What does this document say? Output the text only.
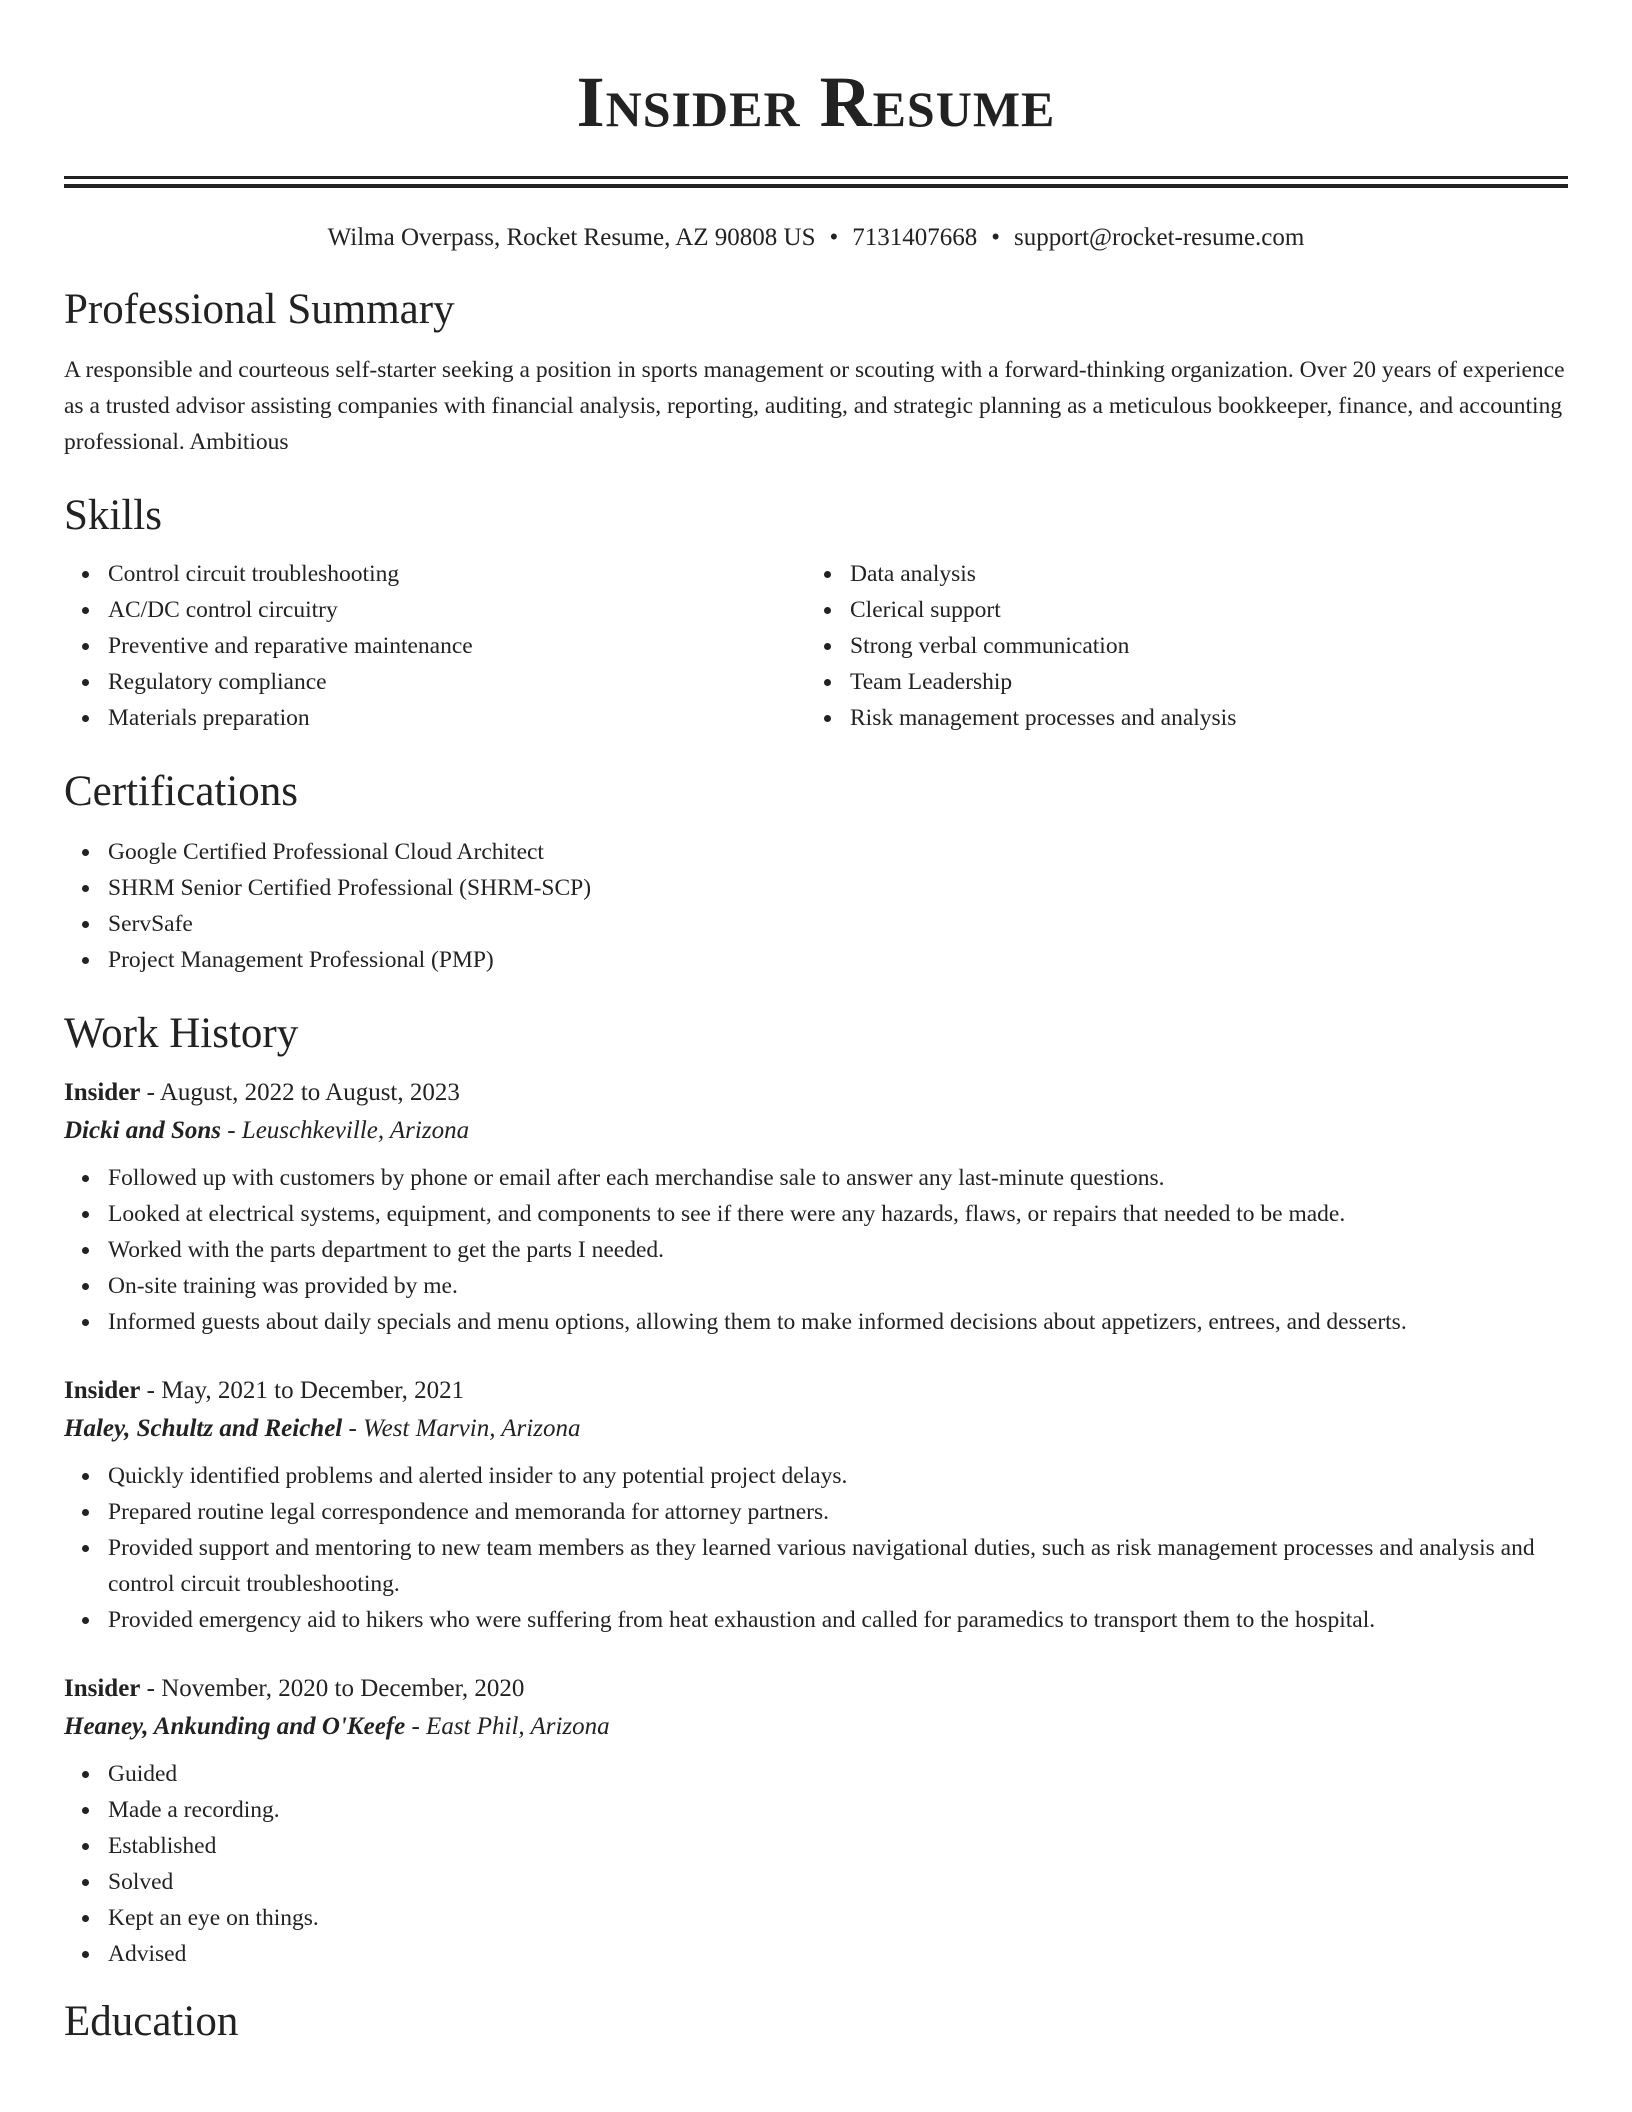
Insider Resume
Wilma Overpass, Rocket Resume, AZ 90808 US • 7131407668 • support@rocket-resume.com
Professional Summary

A responsible and courteous self-starter seeking a position in sports management or scouting with a forward-thinking organization. Over 20 years of experience as a trusted advisor assisting companies with financial analysis, reporting, auditing, and strategic planning as a meticulous bookkeeper, finance, and accounting professional. Ambitious

Skills
Control circuit troubleshooting
AC/DC control circuitry
Preventive and reparative maintenance
Regulatory compliance
Materials preparation
Data analysis
Clerical support
Strong verbal communication
Team Leadership
Risk management processes and analysis
Certifications
Google Certified Professional Cloud Architect
SHRM Senior Certified Professional (SHRM-SCP)
ServSafe
Project Management Professional (PMP)
Work History
Insider - August, 2022 to August, 2023
Dicki and Sons - Leuschkeville, Arizona
Followed up with customers by phone or email after each merchandise sale to answer any last-minute questions.
Looked at electrical systems, equipment, and components to see if there were any hazards, flaws, or repairs that needed to be made.
Worked with the parts department to get the parts I needed.
On-site training was provided by me.
Informed guests about daily specials and menu options, allowing them to make informed decisions about appetizers, entrees, and desserts.
Insider - May, 2021 to December, 2021
Haley, Schultz and Reichel - West Marvin, Arizona
Quickly identified problems and alerted insider to any potential project delays.
Prepared routine legal correspondence and memoranda for attorney partners.
Provided support and mentoring to new team members as they learned various navigational duties, such as risk management processes and analysis and control circuit troubleshooting.
Provided emergency aid to hikers who were suffering from heat exhaustion and called for paramedics to transport them to the hospital.
Insider - November, 2020 to December, 2020
Heaney, Ankunding and O'Keefe - East Phil, Arizona
Guided
Made a recording.
Established
Solved
Kept an eye on things.
Advised
Education
